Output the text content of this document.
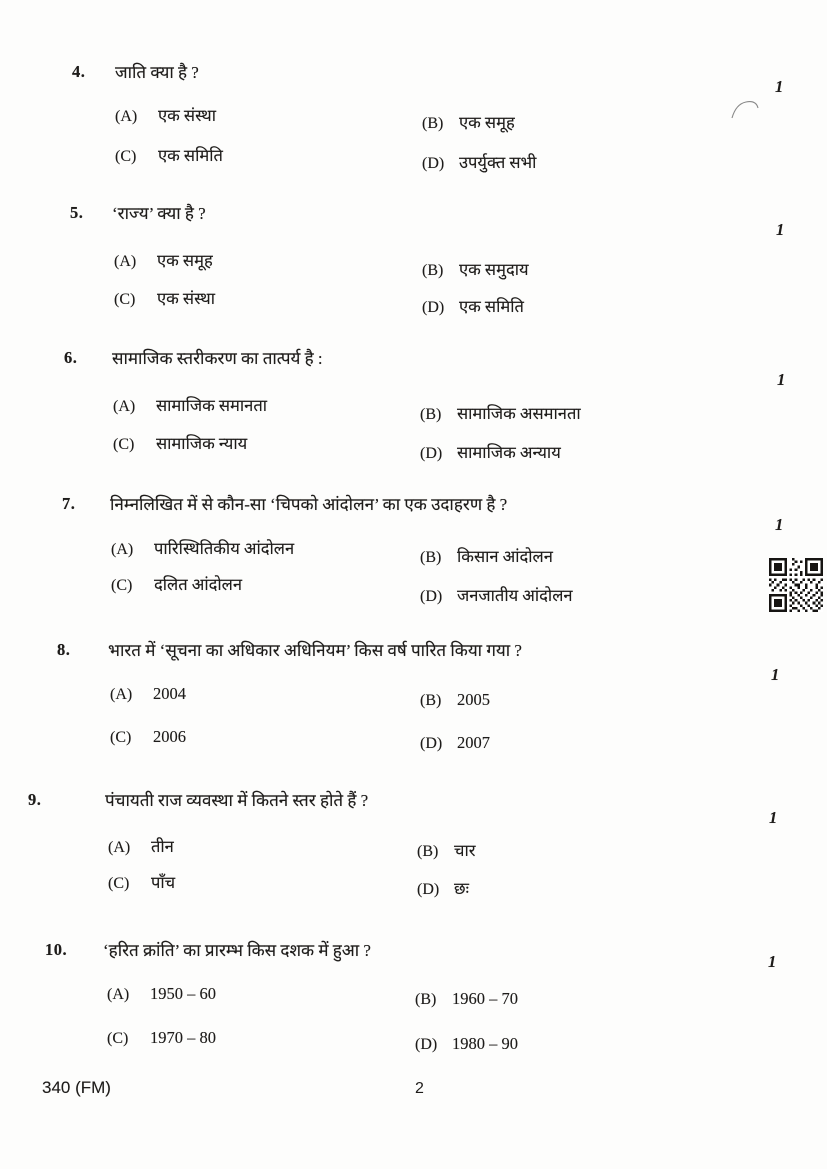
4. जाति क्या है ?
(A)	एक संस्था	(B) एक समूह
(C)	एक समिति	(D) उपर्युक्त सभी
1
5. ‘राज्य’ क्या है ?
(A)	एक समूह
(B) एक समुदाय
(C)	एक संस्था	(D) एक समिति
1
6. सामाजिक स्तरीकरण का तात्पर्य है :
(A)	सामाजिक समानता	(B) सामाजिक असमानता
(C)	सामाजिक न्याय
(D) सामाजिक अन्याय
1
7. निम्नलिखित में से कौन-सा ‘चिपको आंदोलन’ का एक उदाहरण है ?
(A)	पारिस्थितिकीय आंदोलन	(B) किसान आंदोलन
(C)	दलित आंदोलन
(D) जनजातीय आंदोलन
1
8. भारत में ‘सूचना का अधिकार अधिनियम’ किस वर्ष पारित किया गया ?
(A)	2004	(B) 2005
(C)	2006	(D) 2007
1
9.	पंचायती राज व्यवस्था में कितने स्तर होते हैं ?
(A)	तीन	(B) चार
(C)	पाँच	(D) छः
1
10. ‘हरित क्रांति’ का प्रारम्भ किस दशक में हुआ ?
(A)	1950 – 60	(B) 1960 – 70
(C)	1970 – 80	(D) 1980 – 90
1
340 (FM)	2
